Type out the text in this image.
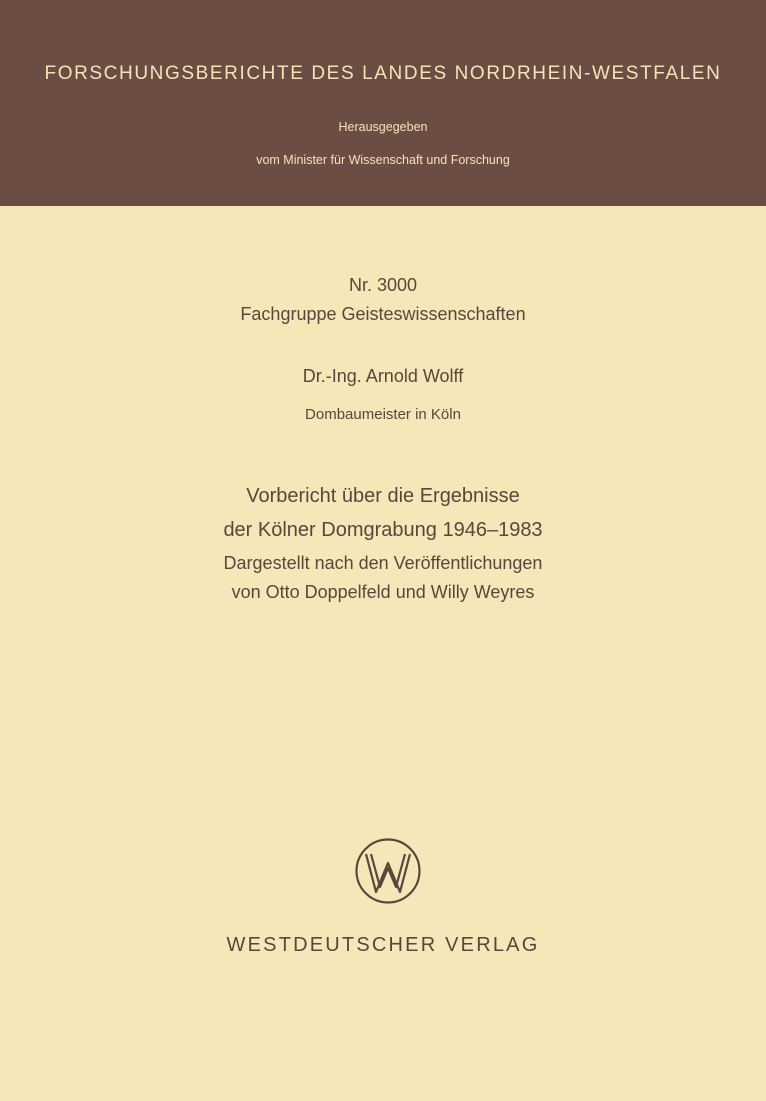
FORSCHUNGSBERICHTE DES LANDES NORDRHEIN-WESTFALEN
Herausgegeben
vom Minister für Wissenschaft und Forschung
Nr. 3000
Fachgruppe Geisteswissenschaften
Dr.-Ing. Arnold Wolff
Dombaumeister in Köln
Vorbericht über die Ergebnisse
der Kölner Domgrabung 1946–1983
Dargestellt nach den Veröffentlichungen
von Otto Doppelfeld und Willy Weyres
WESTDEUTSCHER VERLAG
